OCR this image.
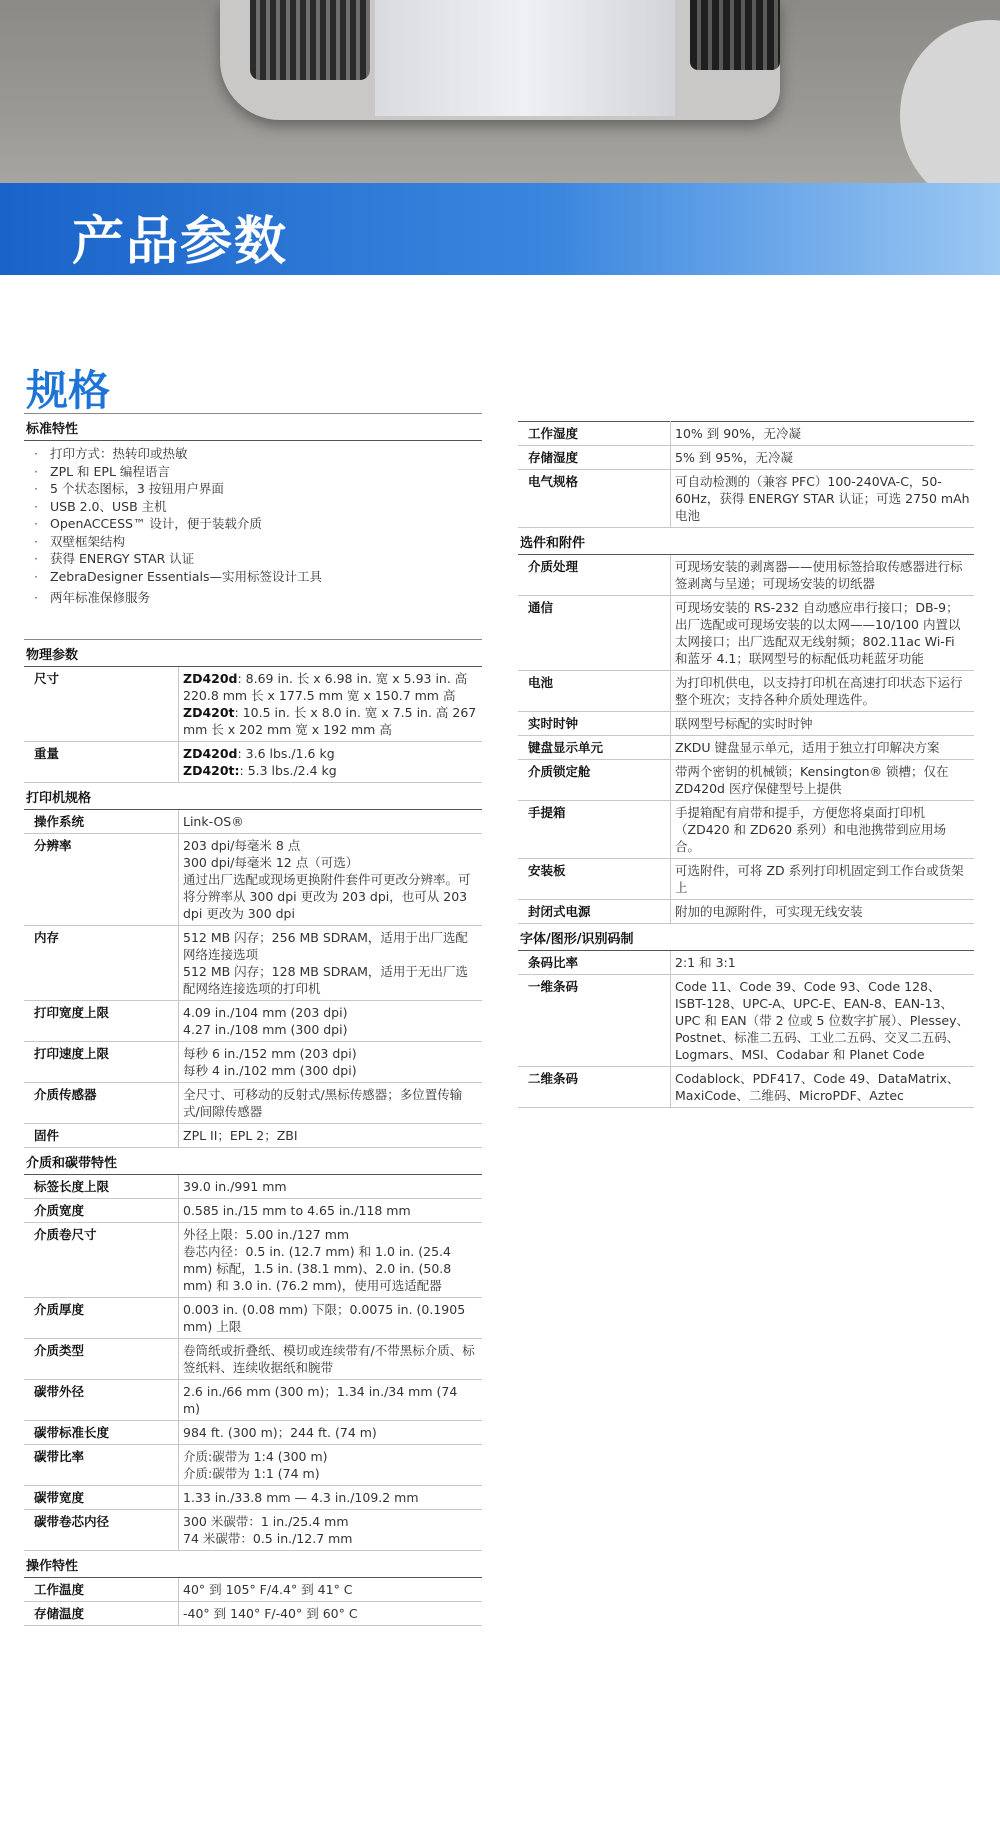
产品参数
规格
标准特性
· 打印方式：热转印或热敏
· ZPL 和 EPL 编程语言
· 5 个状态图标，3 按钮用户界面
· USB 2.0、USB 主机
· OpenACCESS™ 设计，便于装载介质
· 双壁框架结构
· 获得 ENERGY STAR 认证
· ZebraDesigner Essentials—实用标签设计工具
· 两年标准保修服务
物理参数
尺寸	ZD420d: 8.69 in. 长 x 6.98 in. 宽 x 5.93 in. 高 220.8 mm 长 x 177.5 mm 宽 x 150.7 mm 高
ZD420t: 10.5 in. 长 x 8.0 in. 宽 x 7.5 in. 高 267 mm 长 x 202 mm 宽 x 192 mm 高
重量	ZD420d: 3.6 lbs./1.6 kg
ZD420t:: 5.3 lbs./2.4 kg
打印机规格
操作系统	Link-OS®
分辨率	203 dpi/每毫米 8 点
300 dpi/每毫米 12 点（可选）
通过出厂选配或现场更换附件套件可更改分辨率。可将分辨率从 300 dpi 更改为 203 dpi，也可从 203 dpi 更改为 300 dpi

内存	512 MB 闪存；256 MB SDRAM，适用于出厂选配网络连接选项
512 MB 闪存；128 MB SDRAM，适用于无出厂选配网络连接选项的打印机

打印宽度上限	4.09 in./104 mm (203 dpi)
4.27 in./108 mm (300 dpi)

打印速度上限	每秒 6 in./152 mm (203 dpi)
每秒 4 in./102 mm (300 dpi)

介质传感器	全尺寸、可移动的反射式/黑标传感器；多位置传输式/间隙传感器
固件	ZPL II；EPL 2；ZBI
介质和碳带特性
标签长度上限	39.0 in./991 mm
介质宽度	0.585 in./15 mm to 4.65 in./118 mm
介质卷尺寸	外径上限：5.00 in./127 mm
卷芯内径：0.5 in. (12.7 mm) 和 1.0 in. (25.4 mm) 标配，1.5 in. (38.1 mm)、2.0 in. (50.8 mm) 和 3.0 in. (76.2 mm)，使用可选适配器

介质厚度	0.003 in. (0.08 mm) 下限；0.0075 in. (0.1905 mm) 上限
介质类型	卷筒纸或折叠纸、模切或连续带有/不带黑标介质、标签纸料、连续收据纸和腕带
碳带外径	2.6 in./66 mm (300 m)；1.34 in./34 mm (74 m)
碳带标准长度	984 ft. (300 m)；244 ft. (74 m)
碳带比率	介质:碳带为 1:4 (300 m)
介质:碳带为 1:1 (74 m)

碳带宽度	1.33 in./33.8 mm — 4.3 in./109.2 mm
碳带卷芯内径	300 米碳带：1 in./25.4 mm
74 米碳带：0.5 in./12.7 mm
操作特性
工作温度	40° 到 105° F/4.4° 到 41° C
存储温度	-40° 到 140° F/-40° 到 60° C
工作湿度	10% 到 90%，无冷凝
存储湿度	5% 到 95%，无冷凝
电气规格	可自动检测的（兼容 PFC）100-240VA-C，50-60Hz，获得 ENERGY STAR 认证；可选 2750 mAh 电池
选件和附件
介质处理	可现场安装的剥离器——使用标签拾取传感器进行标签剥离与呈递；可现场安装的切纸器
通信	可现场安装的 RS-232 自动感应串行接口；DB-9；
出厂选配或可现场安装的以太网——10/100 内置以太网接口；出厂选配双无线射频；802.11ac Wi-Fi 和蓝牙 4.1；联网型号的标配低功耗蓝牙功能

电池	为打印机供电，以支持打印机在高速打印状态下运行整个班次；支持各种介质处理选件。
实时时钟	联网型号标配的实时时钟
键盘显示单元	ZKDU 键盘显示单元，适用于独立打印解决方案
介质锁定舱	带两个密钥的机械锁；Kensington® 锁槽；仅在 ZD420d 医疗保健型号上提供
手提箱	手提箱配有肩带和提手，方便您将桌面打印机（ZD420 和 ZD620 系列）和电池携带到应用场合。
安装板	可选附件，可将 ZD 系列打印机固定到工作台或货架上
封闭式电源	附加的电源附件，可实现无线安装
字体/图形/识别码制
条码比率	2:1 和 3:1
一维条码	Code 11、Code 39、Code 93、Code 128、ISBT-128、UPC-A、UPC-E、EAN-8、EAN-13、UPC 和 EAN（带 2 位或 5 位数字扩展）、Plessey、Postnet、标准二五码、工业二五码、交叉二五码、Logmars、MSI、Codabar 和 Planet Code
二维条码	Codablock、PDF417、Code 49、DataMatrix、MaxiCode、二维码、MicroPDF、Aztec
